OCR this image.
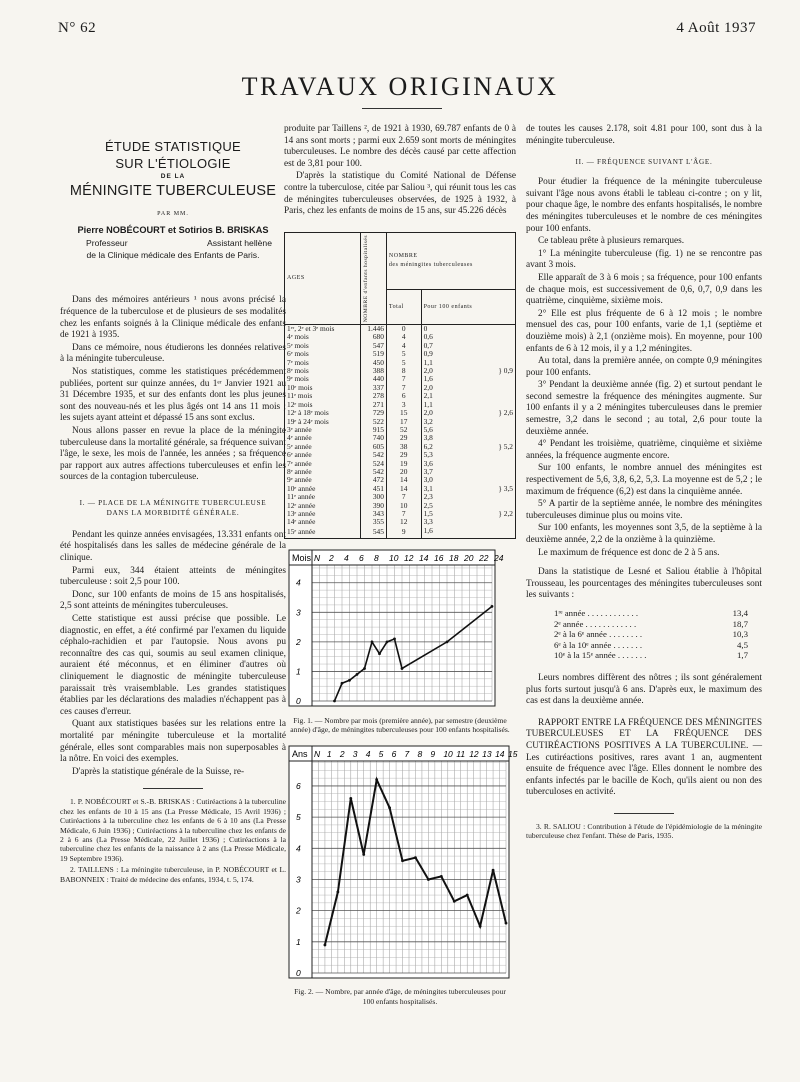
N° 62	4 Août 1937
TRAVAUX ORIGINAUX
ÉTUDE STATISTIQUE
SUR L'ÉTIOLOGIE
DE LA
MÉNINGITE TUBERCULEUSE
PAR MM.
Pierre NOBÉCOURT et Sotirios B. BRISKAS
Professeur	Assistant hellène
de la Clinique médicale des Enfants de Paris.

Dans des mémoires antérieurs ¹ nous avons précisé la fréquence de la tuberculose et de plusieurs de ses modalités chez les enfants soignés à la Clinique médicale des enfants de 1921 à 1935.

Dans ce mémoire, nous étudierons les données relatives à la méningite tuberculeuse.

Nos statistiques, comme les statistiques précédemment publiées, portent sur quinze années, du 1ᵉʳ Janvier 1921 au 31 Décembre 1935, et sur des enfants dont les plus jeunes sont des nouveau-nés et les plus âgés ont 14 ans 11 mois ; les sujets ayant atteint et dépassé 15 ans sont exclus.

Nous allons passer en revue la place de la méningite tuberculeuse dans la mortalité générale, sa fréquence suivant l'âge, le sexe, les mois de l'année, les années ; sa fréquence par rapport aux autres affections tuberculeuses et enfin les sources de la contagion tuberculeuse.

I. — PLACE DE LA MÉNINGITE TUBERCULEUSE
DANS LA MORBIDITÉ GÉNÉRALE.

Pendant les quinze années envisagées, 13.331 enfants ont été hospitalisés dans les salles de médecine générale de la clinique.

Parmi eux, 344 étaient atteints de méningites tuberculeuse : soit 2,5 pour 100.

Donc, sur 100 enfants de moins de 15 ans hospitalisés, 2,5 sont atteints de méningites tuberculeuses.

Cette statistique est aussi précise que possible. Le diagnostic, en effet, a été confirmé par l'examen du liquide céphalo-rachidien et par l'autopsie. Nous avons pu reconnaître des cas qui, soumis au seul examen clinique, auraient été méconnus, et en éliminer d'autres où cliniquement le diagnostic de méningite tuberculeuse paraissait très vraisemblable. Les grandes statistiques établies par les déclarations des maladies n'échappent pas à ces causes d'erreur.

Quant aux statistiques basées sur les relations entre la mortalité par méningite tuberculeuse et la mortalité générale, elles sont comparables mais non superposables à la nôtre. En voici des exemples.

D'après la statistique générale de la Suisse, re-

1. P. NOBÉCOURT et S.-B. BRISKAS : Cutiréactions à la tuberculine chez les enfants de 10 à 15 ans (La Presse Médicale, 15 Avril 1936) ; Cutiréactions à la tuberculine chez les enfants de 6 à 10 ans (La Presse Médicale, 6 Juin 1936) ; Cutiréactions à la tuberculine chez les enfants de 2 à 6 ans (La Presse Médicale, 22 Juillet 1936) ; Cutiréactions à la tuberculine chez les enfants de la naissance à 2 ans (La Presse Médicale, 19 Septembre 1936).
2. TAILLENS : La méningite tuberculeuse, in P. NOBÉCOURT et L. BABONNEIX : Traité de médecine des enfants, 1934, t. 5, 174.

produite par Taillens ², de 1921 à 1930, 69.787 enfants de 0 à 14 ans sont morts ; parmi eux 2.659 sont morts de méningites tuberculeuses. Le nombre des décès causé par cette affection est de 3,81 pour 100.

D'après la statistique du Comité National de Défense contre la tuberculose, citée par Saliou ³, qui réunit tous les cas de méningites tuberculeuses observées, de 1925 à 1932, à Paris, chez les enfants de moins de 15 ans, sur 45.226 décès

AGES	NOMBRE d'enfants hospitalisés	NOMBRE
des méningites tuberculeuses	

		Total	Pour 100 enfants
1ᵉʳ, 2ᵉ et 3ᵉ mois	1.446	0	0
4ᵉ mois	680	4	0,6
5ᵉ mois	547	4	0,7
6ᵉ mois	519	5	0,9
7ᵉ mois	450	5	1,1
8ᵉ mois	388	8	2,0 } 0,9

9ᵉ mois	440	7	1,6
10ᵉ mois	337	7	2,0
11ᵉ mois	278	6	2,1
12ᵉ mois	271	3	1,1
12ᵉ à 18ᵉ mois	729	15	2,0 } 2,6

19ᵉ à 24ᵉ mois	522	17	3,2
3ᵉ année	915	52	5,6
4ᵉ année	740	29	3,8
5ᵉ année	605	38	6,2 } 5,2

6ᵉ année	542	29	5,3
7ᵉ année	524	19	3,6
8ᵉ année	542	20	3,7
9ᵉ année	472	14	3,0
10ᵉ année	451	14	3,1 } 3,5

11ᵉ année	300	7	2,3
12ᵉ année	390	10	2,5
13ᵉ année	343	7	1,5 } 2,2

14ᵉ année	355	12	3,3
15ᵉ année	545	9	1,6
Mois N 2 4 6 8 10 12 14 16 18 20 22 24
0
1
2
3
4
Fig. 1. — Nombre par mois (première année), par semestre (deuxième année) d'âge, de méningites tuberculeuses pour 100 enfants hospitalisés.
Ans N 1 2 3 4 5 6 7 8 9 10 11 12 13 14 15
0
1
2
3
4
5
6
Fig. 2. — Nombre, par année d'âge, de méningites tuberculeuses pour 100 enfants hospitalisés.

de toutes les causes 2.178, soit 4.81 pour 100, sont dus à la méningite tuberculeuse.

II. — FRÉQUENCE SUIVANT L'ÂGE.

Pour étudier la fréquence de la méningite tuberculeuse suivant l'âge nous avons établi le tableau ci-contre ; on y lit, pour chaque âge, le nombre des enfants hospitalisés, le nombre des méningites tuberculeuses et le nombre de ces méningites pour 100 enfants.

Ce tableau prête à plusieurs remarques.

1° La méningite tuberculeuse (fig. 1) ne se rencontre pas avant 3 mois.

Elle apparaît de 3 à 6 mois ; sa fréquence, pour 100 enfants de chaque mois, est successivement de 0,6, 0,7, 0,9 dans les quatrième, cinquième, sixième mois.

2° Elle est plus fréquente de 6 à 12 mois ; le nombre mensuel des cas, pour 100 enfants, varie de 1,1 (septième et douzième mois) à 2,1 (onzième mois). En moyenne, pour 100 enfants de 6 à 12 mois, il y a 1,2 méningites.

Au total, dans la première année, on compte 0,9 méningites pour 100 enfants.

3° Pendant la deuxième année (fig. 2) et surtout pendant le second semestre la fréquence des méningites augmente. Sur 100 enfants il y a 2 méningites tuberculeuses dans le premier semestre, 3,2 dans le second ; au total, 2,6 pour toute la deuxième année.

4° Pendant les troisième, quatrième, cinquième et sixième années, la fréquence augmente encore.

Sur 100 enfants, le nombre annuel des méningites est respectivement de 5,6, 3,8, 6,2, 5,3. La moyenne est de 5,2 ; le maximum de fréquence (6,2) est dans la cinquième année.

5° A partir de la septième année, le nombre des méningites tuberculeuses diminue plus ou moins vite.

Sur 100 enfants, les moyennes sont 3,5, de la septième à la deuxième année, 2,2 de la onzième à la quinzième.

Le maximum de fréquence est donc de 2 à 5 ans.

Dans la statistique de Lesné et Saliou établie à l'hôpital Trousseau, les pourcentages des méningites tuberculeuses sont les suivants :

1ʳᵉ année . . . . . . . . . . . .	13,4
2ᵉ année . . . . . . . . . . . .	18,7
2ᵉ à la 6ᵉ année . . . . . . . .	10,3
6ᵉ à la 10ᵉ année . . . . . . .	4,5
10ᵉ à la 15ᵉ année . . . . . . .	1,7

Leurs nombres diffèrent des nôtres ; ils sont généralement plus forts surtout jusqu'à 6 ans. D'après eux, le maximum des cas est dans la deuxième année.

RAPPORT ENTRE LA FRÉQUENCE DES MÉNINGITES TUBERCULEUSES ET LA FRÉQUENCE DES CUTIRÉACTIONS POSITIVES A LA TUBERCULINE. — Les cutiréactions positives, rares avant 1 an, augmentent ensuite de fréquence avec l'âge. Elles donnent le nombre des enfants infectés par le bacille de Koch, qu'ils aient ou non des tuberculoses en activité.

3. R. SALIOU : Contribution à l'étude de l'épidémiologie de la méningite tuberculeuse chez l'enfant. Thèse de Paris, 1935.
